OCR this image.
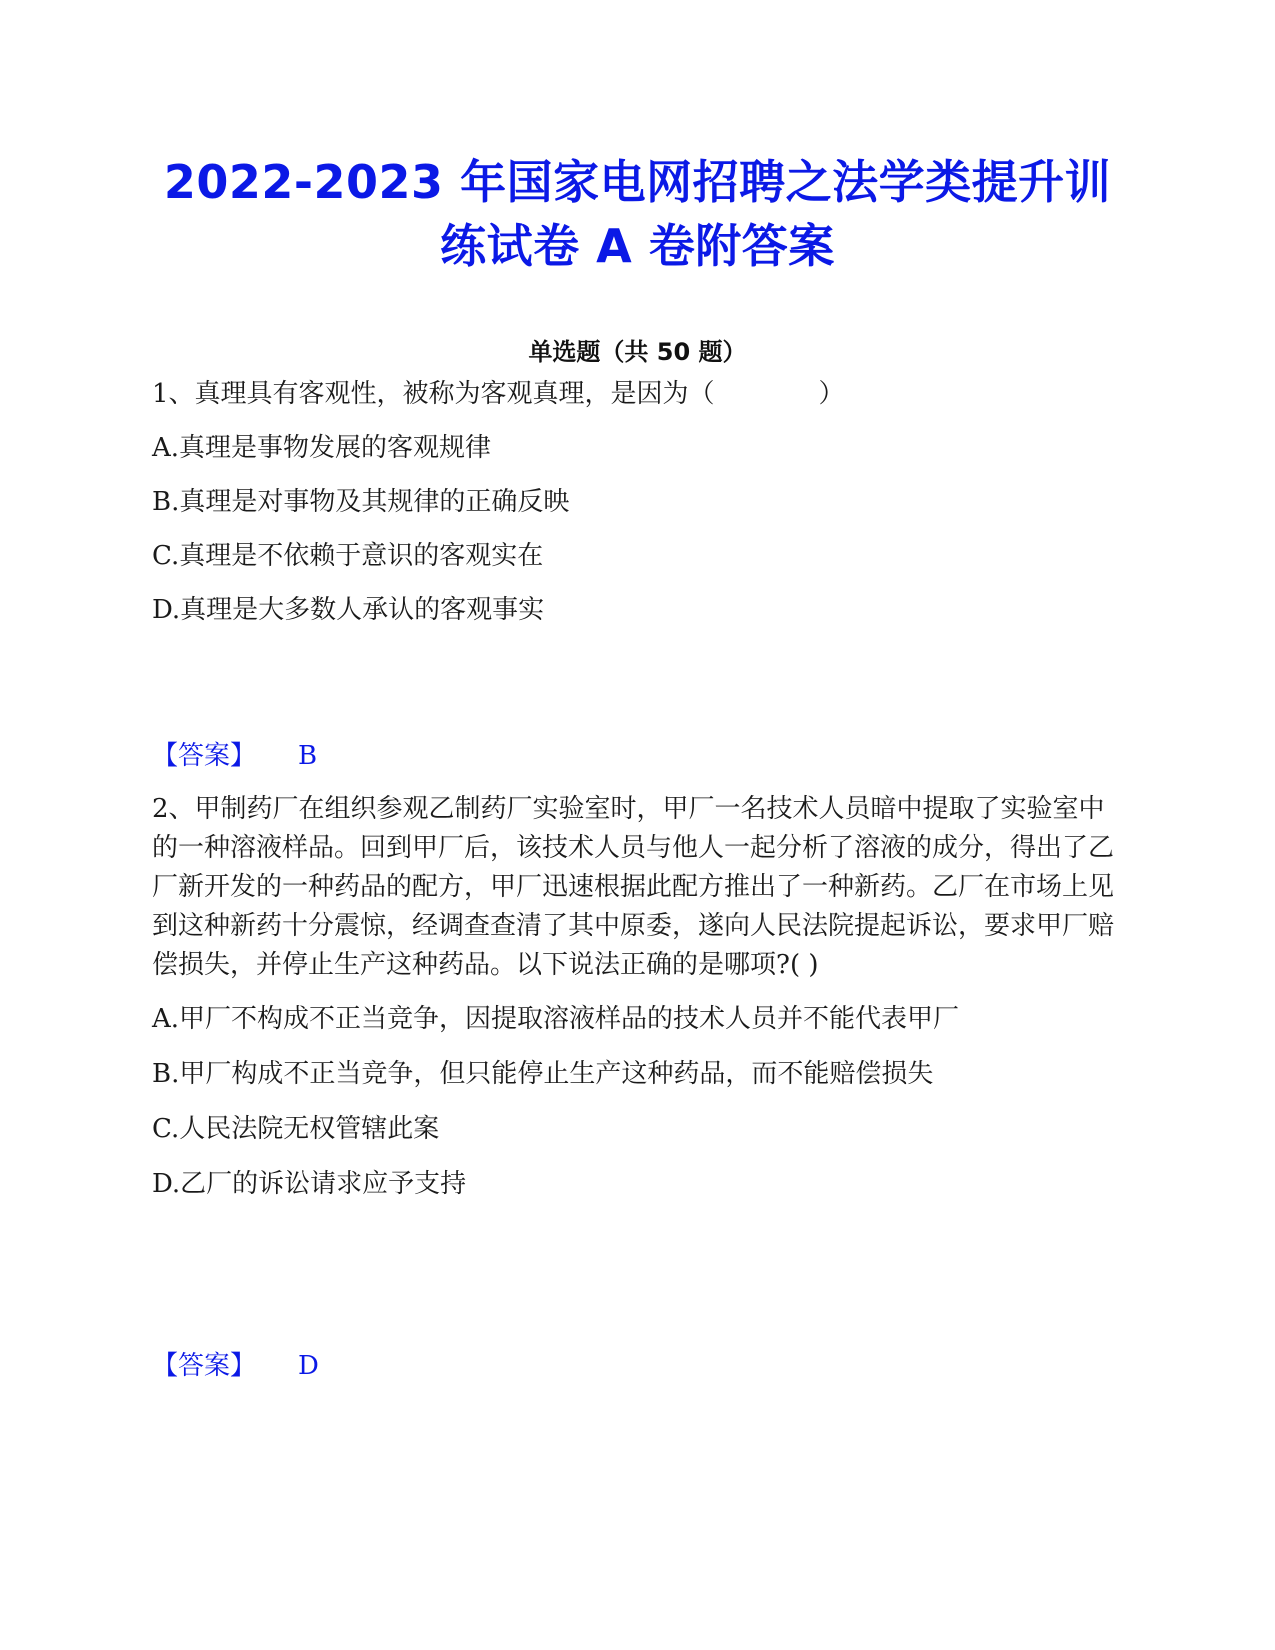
2022-2023 年国家电网招聘之法学类提升训
练试卷 A 卷附答案
单选题（共 50 题）

1、真理具有客观性，被称为客观真理，是因为（　　　　）

A.真理是事物发展的客观规律

B.真理是对事物及其规律的正确反映

C.真理是不依赖于意识的客观实在

D.真理是大多数人承认的客观事实

【答案】 B

2、甲制药厂在组织参观乙制药厂实验室时，甲厂一名技术人员暗中提取了实验室中的一种溶液样品。回到甲厂后，该技术人员与他人一起分析了溶液的成分，得出了乙厂新开发的一种药品的配方，甲厂迅速根据此配方推出了一种新药。乙厂在市场上见到这种新药十分震惊，经调查查清了其中原委，遂向人民法院提起诉讼，要求甲厂赔偿损失，并停止生产这种药品。以下说法正确的是哪项?( )

A.甲厂不构成不正当竞争，因提取溶液样品的技术人员并不能代表甲厂

B.甲厂构成不正当竞争，但只能停止生产这种药品，而不能赔偿损失

C.人民法院无权管辖此案

D.乙厂的诉讼请求应予支持

【答案】 D
